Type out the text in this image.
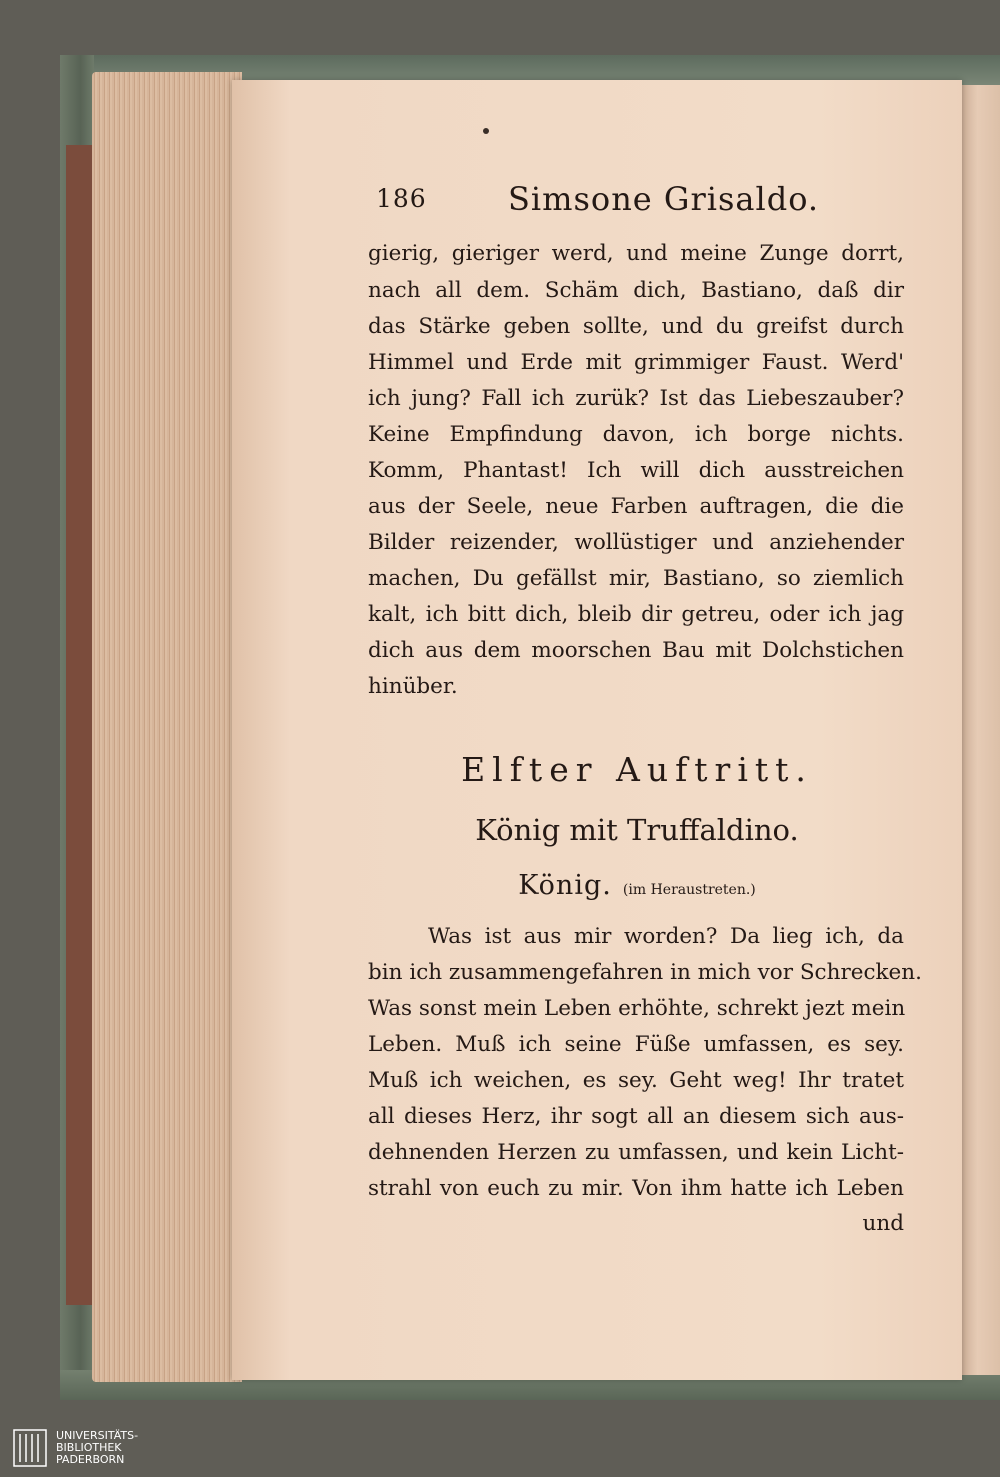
186	Simsone Grisaldo.
gierig, gieriger werd, und meine Zunge dorrt,
nach all dem. Schäm dich, Bastiano, daß dir
das Stärke geben sollte, und du greifst durch
Himmel und Erde mit grimmiger Faust. Werd'
ich jung? Fall ich zurük? Ist das Liebeszauber?
Keine Empfindung davon, ich borge nichts.
Komm, Phantast! Ich will dich ausstreichen
aus der Seele, neue Farben auftragen, die die
Bilder reizender, wollüstiger und anziehender
machen, Du gefällst mir, Bastiano, so ziemlich
kalt, ich bitt dich, bleib dir getreu, oder ich jag
dich aus dem moorschen Bau mit Dolchstichen
hinüber.
Elfter Auftritt.
König mit Truffaldino.
König. (im Heraustreten.)
Was ist aus mir worden? Da lieg ich, da
bin ich zusammengefahren in mich vor Schrecken.
Was sonst mein Leben erhöhte, schrekt jezt mein
Leben. Muß ich seine Füße umfassen, es sey.
Muß ich weichen, es sey. Geht weg! Ihr tratet
all dieses Herz, ihr sogt all an diesem sich aus-
dehnenden Herzen zu umfassen, und kein Licht-
strahl von euch zu mir. Von ihm hatte ich Leben
und
UNIVERSITÄTS-
BIBLIOTHEK
PADERBORN
